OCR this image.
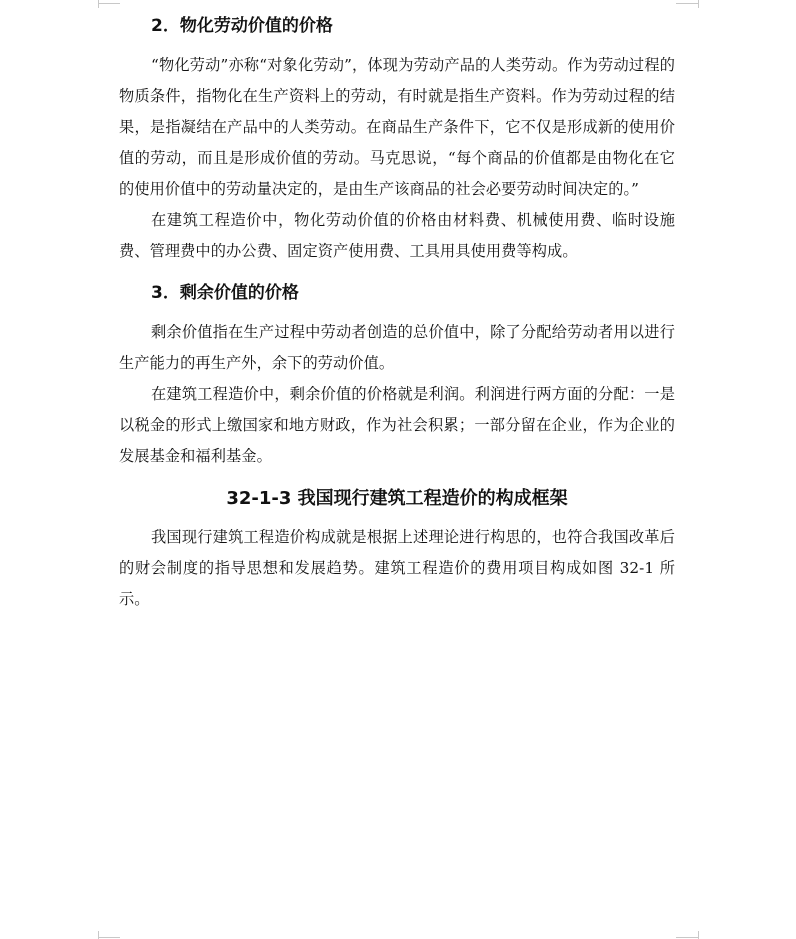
2．物化劳动价值的价格

“物化劳动”亦称“对象化劳动”，体现为劳动产品的人类劳动。作为劳动过程的物质条件，指物化在生产资料上的劳动，有时就是指生产资料。作为劳动过程的结果，是指凝结在产品中的人类劳动。在商品生产条件下，它不仅是形成新的使用价值的劳动，而且是形成价值的劳动。马克思说，“每个商品的价值都是由物化在它的使用价值中的劳动量决定的，是由生产该商品的社会必要劳动时间决定的。”

在建筑工程造价中，物化劳动价值的价格由材料费、机械使用费、临时设施费、管理费中的办公费、固定资产使用费、工具用具使用费等构成。

3．剩余价值的价格

剩余价值指在生产过程中劳动者创造的总价值中，除了分配给劳动者用以进行生产能力的再生产外，余下的劳动价值。

在建筑工程造价中，剩余价值的价格就是利润。利润进行两方面的分配：一是以税金的形式上缴国家和地方财政，作为社会积累；一部分留在企业，作为企业的发展基金和福利基金。

32-1-3 我国现行建筑工程造价的构成框架

我国现行建筑工程造价构成就是根据上述理论进行构思的，也符合我国改革后的财会制度的指导思想和发展趋势。建筑工程造价的费用项目构成如图 32-1 所示。
